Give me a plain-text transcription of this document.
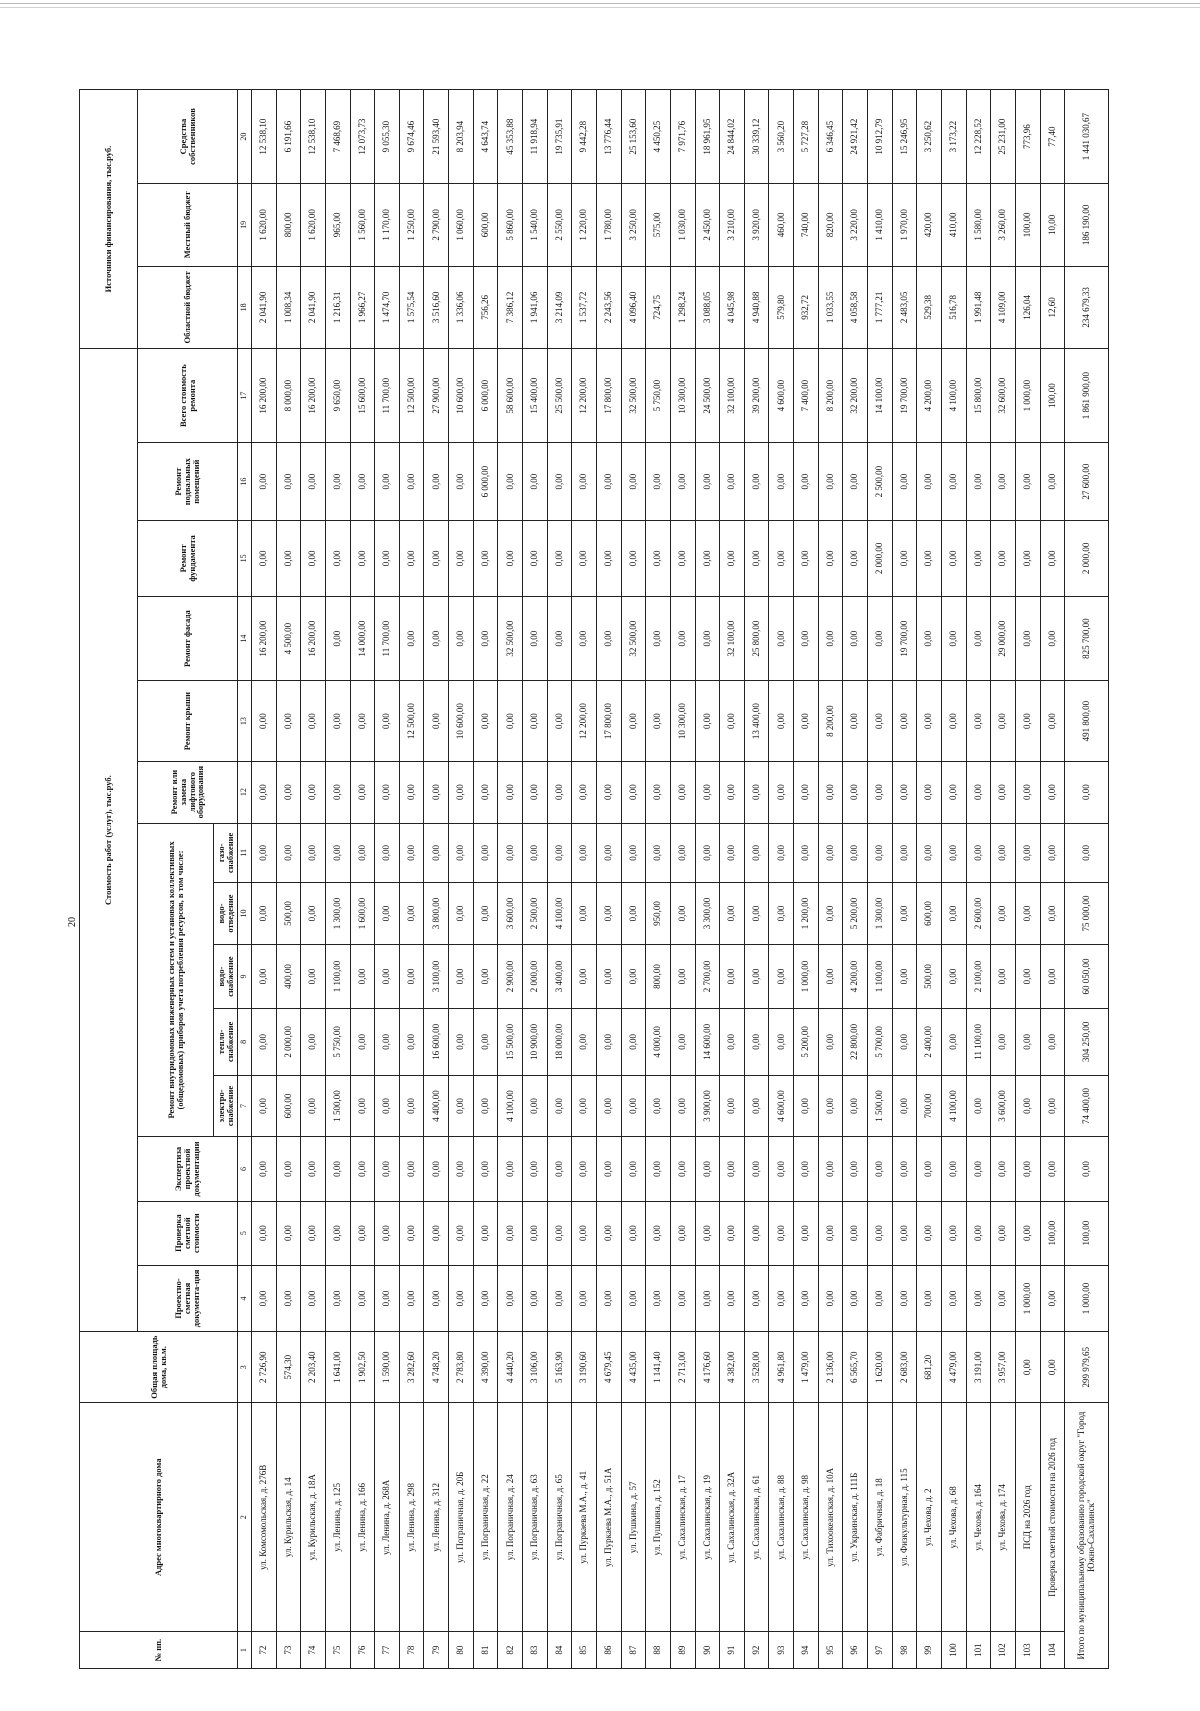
20
№ пп.	Адрес многоквартирного дома	Общая площадь дома, кв.м.	Стоимость работ (услуг), тыс.руб.														Источники финансирования, тыс.руб.		
			Проектно-сметная документа-ция	Проверка сметной стоимости	Экспертиза проектной документации	Ремонт внутридомовых инженерных систем и установка коллективных (общедомовых) приборов учета потребления ресурсов, в том числе:					Ремонт или замена лифтового оборудования	Ремонт крыши	Ремонт фасада	Ремонт фундамента	Ремонт подвальных помещений	Всего стоимость ремонта	Областной бюджет	Местный бюджет	Средства собственников

						электро-снабжение	тепло-снабжение	водо-снабжение	водо-отведение	газо-снабжение									
1	2	3	4	5	6	7	8	9	10	11	12	13	14	15	16	17	18	19	20
72	ул. Комсомольская, д. 276В	2 726,90	0,00	0,00	0,00	0,00	0,00	0,00	0,00	0,00	0,00	0,00	16 200,00	0,00	0,00	16 200,00	2 041,90	1 620,00	12 538,10
73	ул. Курильская, д. 14	574,30	0,00	0,00	0,00	600,00	2 000,00	400,00	500,00	0,00	0,00	0,00	4 500,00	0,00	0,00	8 000,00	1 008,34	800,00	6 191,66
74	ул. Курильская, д. 18А	2 203,40	0,00	0,00	0,00	0,00	0,00	0,00	0,00	0,00	0,00	0,00	16 200,00	0,00	0,00	16 200,00	2 041,90	1 620,00	12 538,10
75	ул. Ленина, д. 125	1 641,00	0,00	0,00	0,00	1 500,00	5 750,00	1 100,00	1 300,00	0,00	0,00	0,00	0,00	0,00	0,00	9 650,00	1 216,31	965,00	7 468,69
76	ул. Ленина, д. 166	1 902,50	0,00	0,00	0,00	0,00	0,00	0,00	1 600,00	0,00	0,00	0,00	14 000,00	0,00	0,00	15 600,00	1 966,27	1 560,00	12 073,73
77	ул. Ленина, д. 268А	1 590,00	0,00	0,00	0,00	0,00	0,00	0,00	0,00	0,00	0,00	0,00	11 700,00	0,00	0,00	11 700,00	1 474,70	1 170,00	9 055,30
78	ул. Ленина, д. 298	3 282,60	0,00	0,00	0,00	0,00	0,00	0,00	0,00	0,00	0,00	12 500,00	0,00	0,00	0,00	12 500,00	1 575,54	1 250,00	9 674,46
79	ул. Ленина, д. 312	4 748,20	0,00	0,00	0,00	4 400,00	16 600,00	3 100,00	3 800,00	0,00	0,00	0,00	0,00	0,00	0,00	27 900,00	3 516,60	2 790,00	21 593,40
80	ул. Пограничная, д. 20Б	2 783,80	0,00	0,00	0,00	0,00	0,00	0,00	0,00	0,00	0,00	10 600,00	0,00	0,00	0,00	10 600,00	1 336,06	1 060,00	8 203,94
81	ул. Пограничная, д. 22	4 390,00	0,00	0,00	0,00	0,00	0,00	0,00	0,00	0,00	0,00	0,00	0,00	0,00	6 000,00	6 000,00	756,26	600,00	4 643,74
82	ул. Пограничная, д. 24	4 440,20	0,00	0,00	0,00	4 100,00	15 500,00	2 900,00	3 600,00	0,00	0,00	0,00	32 500,00	0,00	0,00	58 600,00	7 386,12	5 860,00	45 353,88
83	ул. Пограничная, д. 63	3 106,00	0,00	0,00	0,00	0,00	10 900,00	2 000,00	2 500,00	0,00	0,00	0,00	0,00	0,00	0,00	15 400,00	1 941,06	1 540,00	11 918,94
84	ул. Пограничная, д. 65	5 163,90	0,00	0,00	0,00	0,00	18 000,00	3 400,00	4 100,00	0,00	0,00	0,00	0,00	0,00	0,00	25 500,00	3 214,09	2 550,00	19 735,91
85	ул. Пуркаева М.А., д. 41	3 190,60	0,00	0,00	0,00	0,00	0,00	0,00	0,00	0,00	0,00	12 200,00	0,00	0,00	0,00	12 200,00	1 537,72	1 220,00	9 442,28
86	ул. Пуркаева М.А., д. 51А	4 679,45	0,00	0,00	0,00	0,00	0,00	0,00	0,00	0,00	0,00	17 800,00	0,00	0,00	0,00	17 800,00	2 243,56	1 780,00	13 776,44
87	ул. Пушкина, д. 57	4 435,00	0,00	0,00	0,00	0,00	0,00	0,00	0,00	0,00	0,00	0,00	32 500,00	0,00	0,00	32 500,00	4 096,40	3 250,00	25 153,60
88	ул. Пушкина, д. 152	1 141,40	0,00	0,00	0,00	0,00	4 000,00	800,00	950,00	0,00	0,00	0,00	0,00	0,00	0,00	5 750,00	724,75	575,00	4 450,25
89	ул. Сахалинская, д. 17	2 713,00	0,00	0,00	0,00	0,00	0,00	0,00	0,00	0,00	0,00	10 300,00	0,00	0,00	0,00	10 300,00	1 298,24	1 030,00	7 971,76
90	ул. Сахалинская, д. 19	4 176,60	0,00	0,00	0,00	3 900,00	14 600,00	2 700,00	3 300,00	0,00	0,00	0,00	0,00	0,00	0,00	24 500,00	3 088,05	2 450,00	18 961,95
91	ул. Сахалинская, д. 32А	4 382,00	0,00	0,00	0,00	0,00	0,00	0,00	0,00	0,00	0,00	0,00	32 100,00	0,00	0,00	32 100,00	4 045,98	3 210,00	24 844,02
92	ул. Сахалинская, д. 61	3 528,00	0,00	0,00	0,00	0,00	0,00	0,00	0,00	0,00	0,00	13 400,00	25 800,00	0,00	0,00	39 200,00	4 940,88	3 920,00	30 339,12
93	ул. Сахалинская, д. 88	4 961,80	0,00	0,00	0,00	4 600,00	0,00	0,00	0,00	0,00	0,00	0,00	0,00	0,00	0,00	4 600,00	579,80	460,00	3 560,20
94	ул. Сахалинская, д. 98	1 479,00	0,00	0,00	0,00	0,00	5 200,00	1 000,00	1 200,00	0,00	0,00	0,00	0,00	0,00	0,00	7 400,00	932,72	740,00	5 727,28
95	ул. Тихоокеанская, д. 10А	2 136,00	0,00	0,00	0,00	0,00	0,00	0,00	0,00	0,00	0,00	8 200,00	0,00	0,00	0,00	8 200,00	1 033,55	820,00	6 346,45
96	ул. Украинская, д. 111Б	6 565,70	0,00	0,00	0,00	0,00	22 800,00	4 200,00	5 200,00	0,00	0,00	0,00	0,00	0,00	0,00	32 200,00	4 058,58	3 220,00	24 921,42
97	ул. Фабричная, д. 18	1 620,00	0,00	0,00	0,00	1 500,00	5 700,00	1 100,00	1 300,00	0,00	0,00	0,00	0,00	2 000,00	2 500,00	14 100,00	1 777,21	1 410,00	10 912,79
98	ул. Физкультурная, д. 115	2 683,00	0,00	0,00	0,00	0,00	0,00	0,00	0,00	0,00	0,00	0,00	19 700,00	0,00	0,00	19 700,00	2 483,05	1 970,00	15 246,95
99	ул. Чехова, д. 2	681,20	0,00	0,00	0,00	700,00	2 400,00	500,00	600,00	0,00	0,00	0,00	0,00	0,00	0,00	4 200,00	529,38	420,00	3 250,62
100	ул. Чехова, д. 68	4 479,00	0,00	0,00	0,00	4 100,00	0,00	0,00	0,00	0,00	0,00	0,00	0,00	0,00	0,00	4 100,00	516,78	410,00	3 173,22
101	ул. Чехова, д. 164	3 191,00	0,00	0,00	0,00	0,00	11 100,00	2 100,00	2 600,00	0,00	0,00	0,00	0,00	0,00	0,00	15 800,00	1 991,48	1 580,00	12 228,52
102	ул. Чехова, д. 174	3 957,00	0,00	0,00	0,00	3 600,00	0,00	0,00	0,00	0,00	0,00	0,00	29 000,00	0,00	0,00	32 600,00	4 109,00	3 260,00	25 231,00
103	ПСД на 2026 год	0,00	1 000,00	0,00	0,00	0,00	0,00	0,00	0,00	0,00	0,00	0,00	0,00	0,00	0,00	1 000,00	126,04	100,00	773,96
104	Проверка сметной стоимости на 2026 год	0,00	0,00	100,00	0,00	0,00	0,00	0,00	0,00	0,00	0,00	0,00	0,00	0,00	0,00	100,00	12,60	10,00	77,40
Итого по муниципальному образованию городской округ "Город Южно-Сахалинск"		299 979,65	1 000,00	100,00	0,00	74 400,00	304 250,00	60 050,00	75 000,00	0,00	0,00	491 800,00	825 700,00	2 000,00	27 600,00	1 861 900,00	234 679,33	186 190,00	1 441 030,67
